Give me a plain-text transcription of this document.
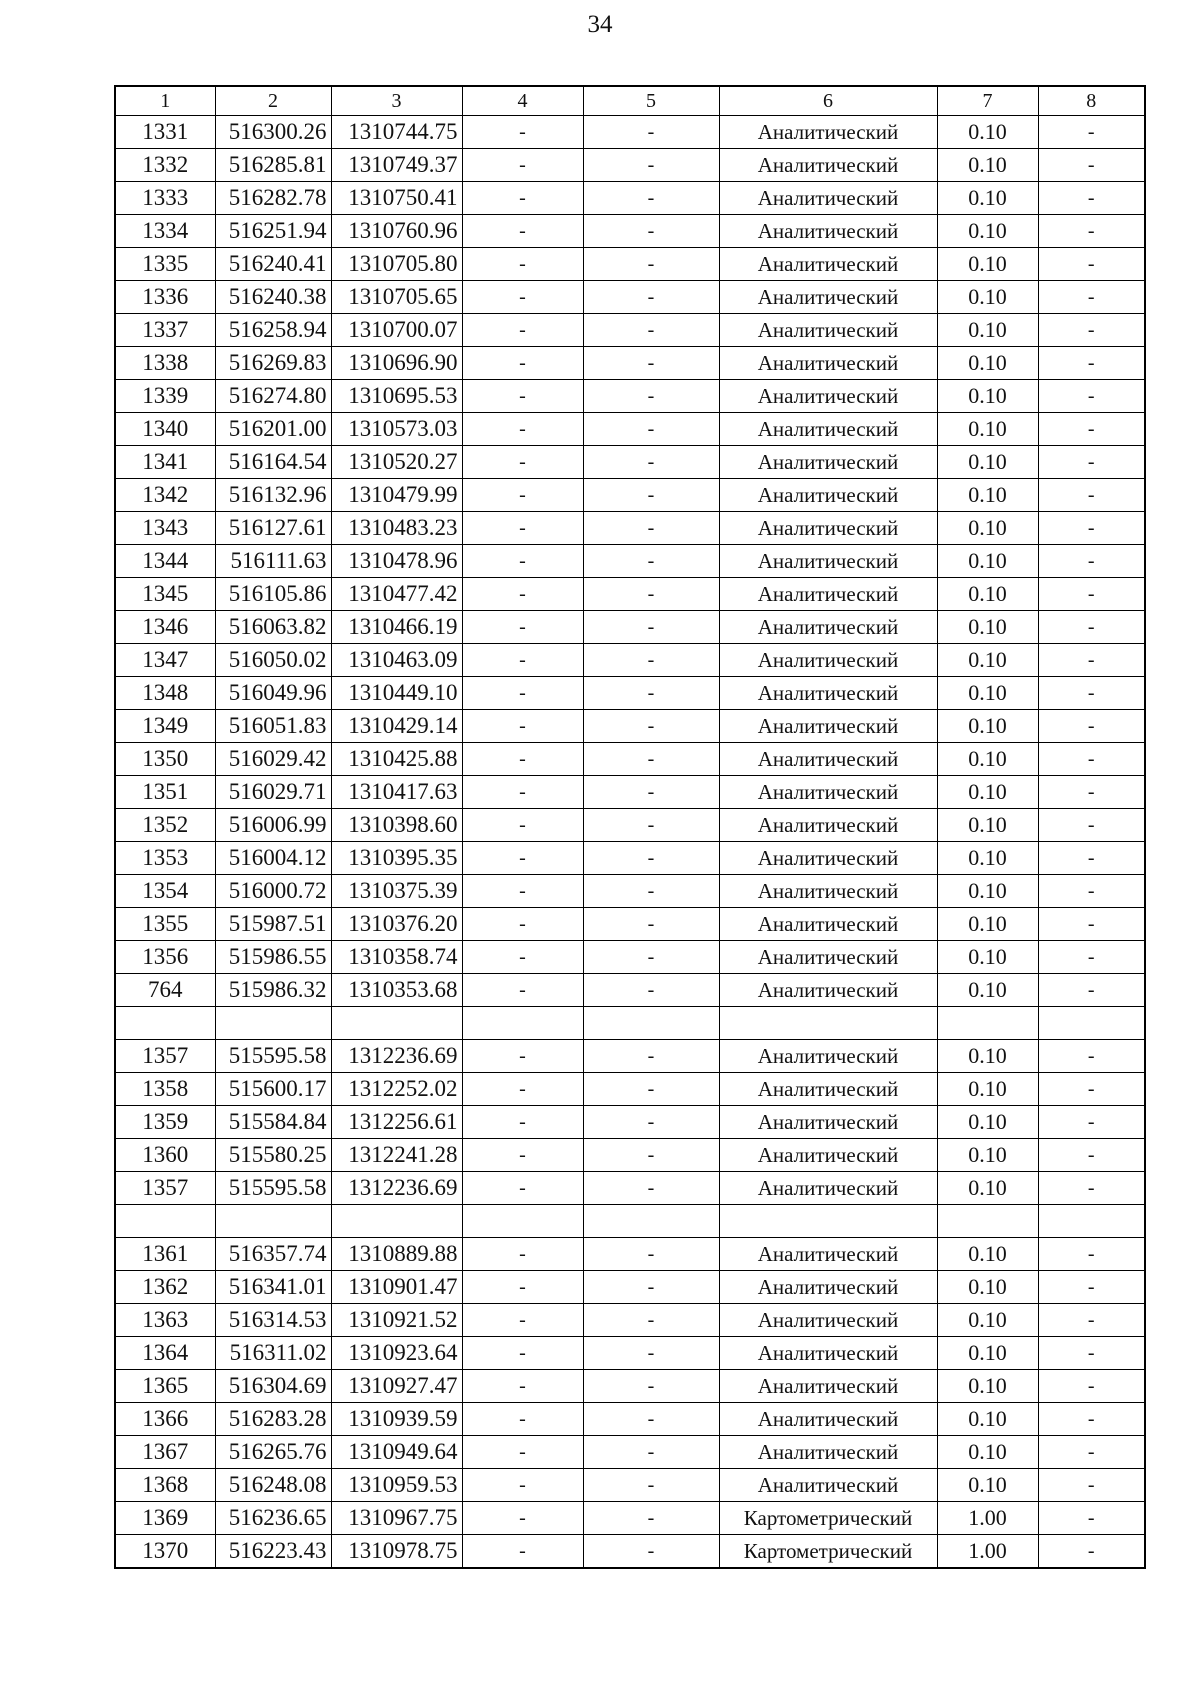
34
1	2	3	4	5	6	7	8
1331	516300.26	1310744.75	-	-	Аналитический	0.10	-
1332	516285.81	1310749.37	-	-	Аналитический	0.10	-
1333	516282.78	1310750.41	-	-	Аналитический	0.10	-
1334	516251.94	1310760.96	-	-	Аналитический	0.10	-
1335	516240.41	1310705.80	-	-	Аналитический	0.10	-
1336	516240.38	1310705.65	-	-	Аналитический	0.10	-
1337	516258.94	1310700.07	-	-	Аналитический	0.10	-
1338	516269.83	1310696.90	-	-	Аналитический	0.10	-
1339	516274.80	1310695.53	-	-	Аналитический	0.10	-
1340	516201.00	1310573.03	-	-	Аналитический	0.10	-
1341	516164.54	1310520.27	-	-	Аналитический	0.10	-
1342	516132.96	1310479.99	-	-	Аналитический	0.10	-
1343	516127.61	1310483.23	-	-	Аналитический	0.10	-
1344	516111.63	1310478.96	-	-	Аналитический	0.10	-
1345	516105.86	1310477.42	-	-	Аналитический	0.10	-
1346	516063.82	1310466.19	-	-	Аналитический	0.10	-
1347	516050.02	1310463.09	-	-	Аналитический	0.10	-
1348	516049.96	1310449.10	-	-	Аналитический	0.10	-
1349	516051.83	1310429.14	-	-	Аналитический	0.10	-
1350	516029.42	1310425.88	-	-	Аналитический	0.10	-
1351	516029.71	1310417.63	-	-	Аналитический	0.10	-
1352	516006.99	1310398.60	-	-	Аналитический	0.10	-
1353	516004.12	1310395.35	-	-	Аналитический	0.10	-
1354	516000.72	1310375.39	-	-	Аналитический	0.10	-
1355	515987.51	1310376.20	-	-	Аналитический	0.10	-
1356	515986.55	1310358.74	-	-	Аналитический	0.10	-
764	515986.32	1310353.68	-	-	Аналитический	0.10	-

1357	515595.58	1312236.69	-	-	Аналитический	0.10	-
1358	515600.17	1312252.02	-	-	Аналитический	0.10	-
1359	515584.84	1312256.61	-	-	Аналитический	0.10	-
1360	515580.25	1312241.28	-	-	Аналитический	0.10	-
1357	515595.58	1312236.69	-	-	Аналитический	0.10	-

1361	516357.74	1310889.88	-	-	Аналитический	0.10	-
1362	516341.01	1310901.47	-	-	Аналитический	0.10	-
1363	516314.53	1310921.52	-	-	Аналитический	0.10	-
1364	516311.02	1310923.64	-	-	Аналитический	0.10	-
1365	516304.69	1310927.47	-	-	Аналитический	0.10	-
1366	516283.28	1310939.59	-	-	Аналитический	0.10	-
1367	516265.76	1310949.64	-	-	Аналитический	0.10	-
1368	516248.08	1310959.53	-	-	Аналитический	0.10	-
1369	516236.65	1310967.75	-	-	Картометрический	1.00	-
1370	516223.43	1310978.75	-	-	Картометрический	1.00	-
